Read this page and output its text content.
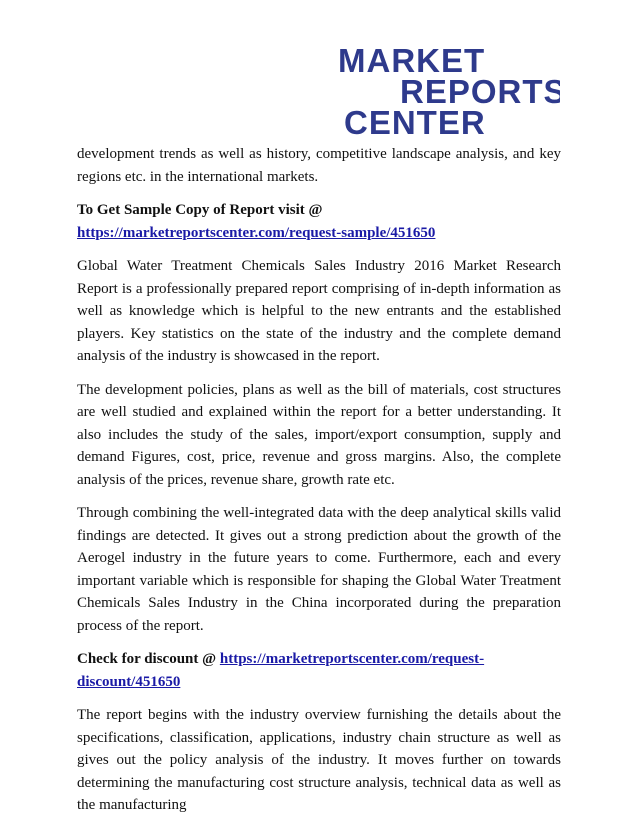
MARKET
REPORTS
CENTER

development trends as well as history, competitive landscape analysis, and key regions etc. in the international markets.

To Get Sample Copy of Report visit @
https://marketreportscenter.com/request-sample/451650

Global Water Treatment Chemicals Sales Industry 2016 Market Research Report is a professionally prepared report comprising of in-depth information as well as knowledge which is helpful to the new entrants and the established players. Key statistics on the state of the industry and the complete demand analysis of the industry is showcased in the report.

The development policies, plans as well as the bill of materials, cost structures are well studied and explained within the report for a better understanding. It also includes the study of the sales, import/export consumption, supply and demand Figures, cost, price, revenue and gross margins. Also, the complete analysis of the prices, revenue share, growth rate etc.

Through combining the well-integrated data with the deep analytical skills valid findings are detected. It gives out a strong prediction about the growth of the Aerogel industry in the future years to come. Furthermore, each and every important variable which is responsible for shaping the Global Water Treatment Chemicals Sales Industry in the China incorporated during the preparation process of the report.

Check for discount @ https://marketreportscenter.com/request-discount/451650

The report begins with the industry overview furnishing the details about the specifications, classification, applications, industry chain structure as well as gives out the policy analysis of the industry. It moves further on towards determining the manufacturing cost structure analysis, technical data as well as the manufacturing
